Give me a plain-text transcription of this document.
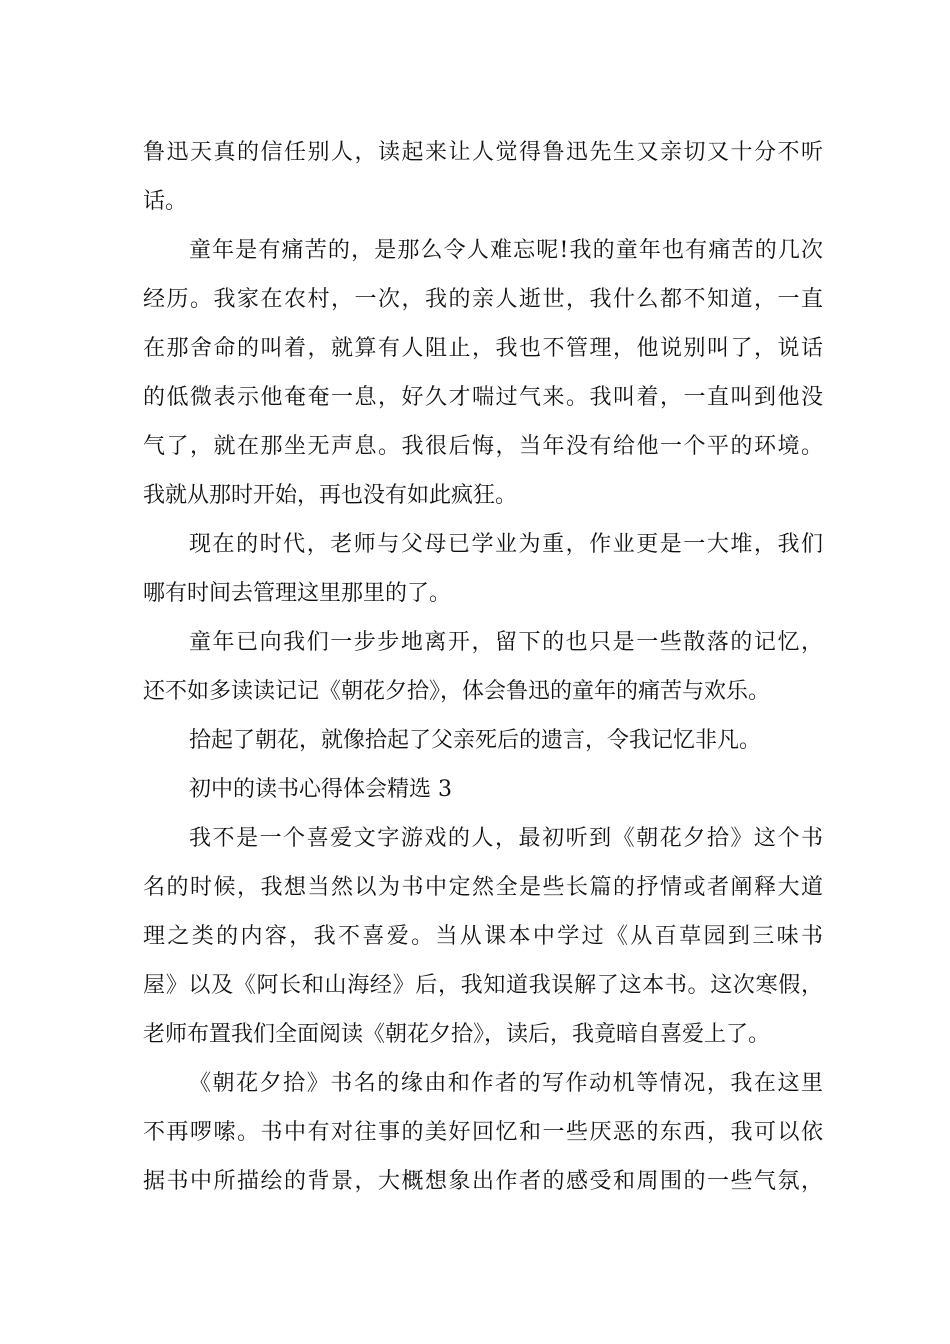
鲁迅天真的信任别人，读起来让人觉得鲁迅先生又亲切又十分不听
话。
童年是有痛苦的，是那么令人难忘呢!我的童年也有痛苦的几次
经历。我家在农村，一次，我的亲人逝世，我什么都不知道，一直
在那舍命的叫着，就算有人阻止，我也不管理，他说别叫了，说话
的低微表示他奄奄一息，好久才喘过气来。我叫着，一直叫到他没
气了，就在那坐无声息。我很后悔，当年没有给他一个平的环境。
我就从那时开始，再也没有如此疯狂。
现在的时代，老师与父母已学业为重，作业更是一大堆，我们
哪有时间去管理这里那里的了。
童年已向我们一步步地离开，留下的也只是一些散落的记忆，
还不如多读读记记《朝花夕拾》，体会鲁迅的童年的痛苦与欢乐。
拾起了朝花，就像拾起了父亲死后的遗言，令我记忆非凡。
初中的读书心得体会精选 3
我不是一个喜爱文字游戏的人，最初听到《朝花夕拾》这个书
名的时候，我想当然以为书中定然全是些长篇的抒情或者阐释大道
理之类的内容，我不喜爱。当从课本中学过《从百草园到三味书
屋》以及《阿长和山海经》后，我知道我误解了这本书。这次寒假，
老师布置我们全面阅读《朝花夕拾》，读后，我竟暗自喜爱上了。
《朝花夕拾》书名的缘由和作者的写作动机等情况，我在这里
不再啰嗦。书中有对往事的美好回忆和一些厌恶的东西，我可以依
据书中所描绘的背景，大概想象出作者的感受和周围的一些气氛，
